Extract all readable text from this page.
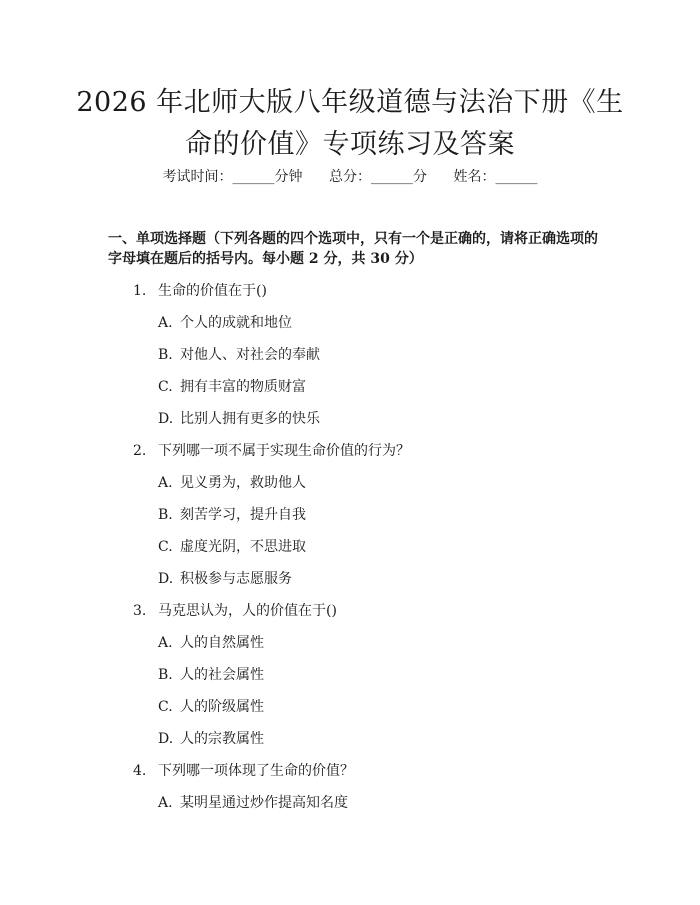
2026 年北师大版八年级道德与法治下册《生
命的价值》专项练习及答案
考试时间：______分钟 总分：______分 姓名：______
一、单项选择题（下列各题的四个选项中，只有一个是正确的，请将正确选项的
字母填在题后的括号内。每小题 2 分，共 30 分）
1. 生命的价值在于()
A. 个人的成就和地位
B. 对他人、对社会的奉献
C. 拥有丰富的物质财富
D. 比别人拥有更多的快乐
2. 下列哪一项不属于实现生命价值的行为？
A. 见义勇为，救助他人
B. 刻苦学习，提升自我
C. 虚度光阴，不思进取
D. 积极参与志愿服务
3. 马克思认为，人的价值在于()
A. 人的自然属性
B. 人的社会属性
C. 人的阶级属性
D. 人的宗教属性
4. 下列哪一项体现了生命的价值？
A. 某明星通过炒作提高知名度
